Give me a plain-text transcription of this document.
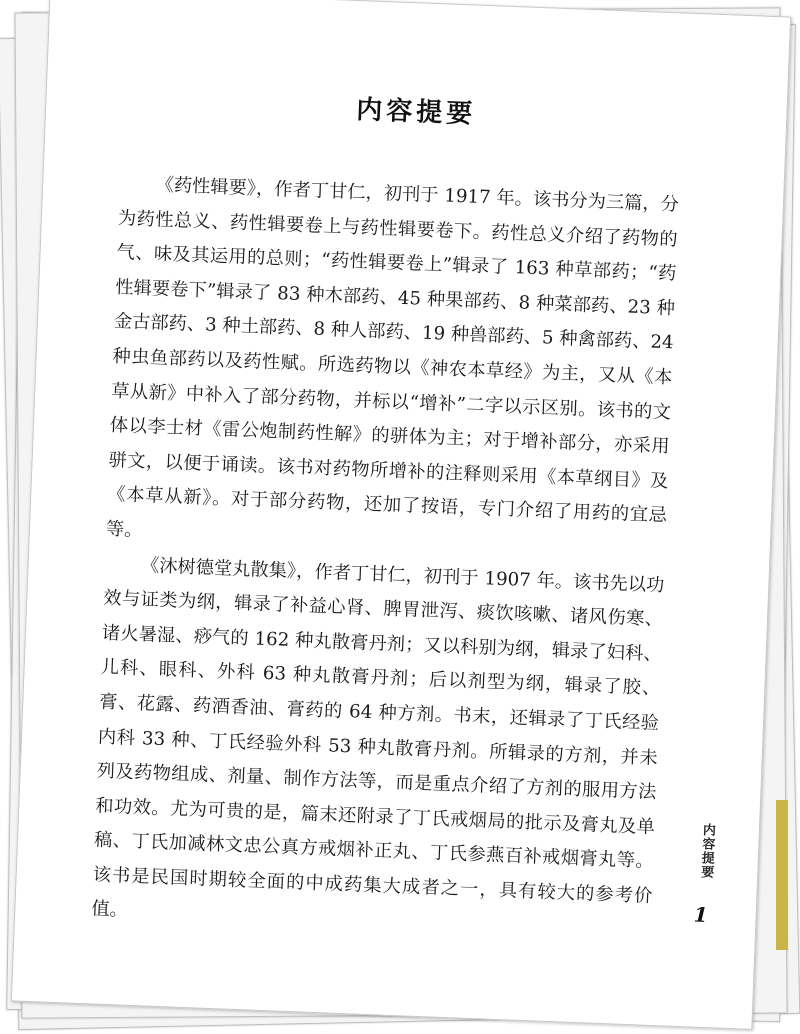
内容提要

《药性辑要》，作者丁甘仁，初刊于 1917 年。该书分为三篇，分为药性总义、药性辑要卷上与药性辑要卷下。药性总义介绍了药物的气、味及其运用的总则；“药性辑要卷上”辑录了 163 种草部药；“药性辑要卷下”辑录了 83 种木部药、45 种果部药、8 种菜部药、23 种金古部药、3 种土部药、8 种人部药、19 种兽部药、5 种禽部药、24 种虫鱼部药以及药性赋。所选药物以《神农本草经》为主，又从《本草从新》中补入了部分药物，并标以“增补”二字以示区别。该书的文体以李士材《雷公炮制药性解》的骈体为主；对于增补部分，亦采用骈文，以便于诵读。该书对药物所增补的注释则采用《本草纲目》及《本草从新》。对于部分药物，还加了按语，专门介绍了用药的宜忌等。

《沐树德堂丸散集》，作者丁甘仁，初刊于 1907 年。该书先以功效与证类为纲，辑录了补益心肾、脾胃泄泻、痰饮咳嗽、诸风伤寒、诸火暑湿、痧气的 162 种丸散膏丹剂；又以科别为纲，辑录了妇科、儿科、眼科、外科 63 种丸散膏丹剂；后以剂型为纲，辑录了胶、膏、花露、药酒香油、膏药的 64 种方剂。书末，还辑录了丁氏经验内科 33 种、丁氏经验外科 53 种丸散膏丹剂。所辑录的方剂，并未列及药物组成、剂量、制作方法等，而是重点介绍了方剂的服用方法和功效。尤为可贵的是，篇末还附录了丁氏戒烟局的批示及膏丸及单稿、丁氏加减林文忠公真方戒烟补正丸、丁氏参燕百补戒烟膏丸等。该书是民国时期较全面的中成药集大成者之一，具有较大的参考价值。

内容提要
1
